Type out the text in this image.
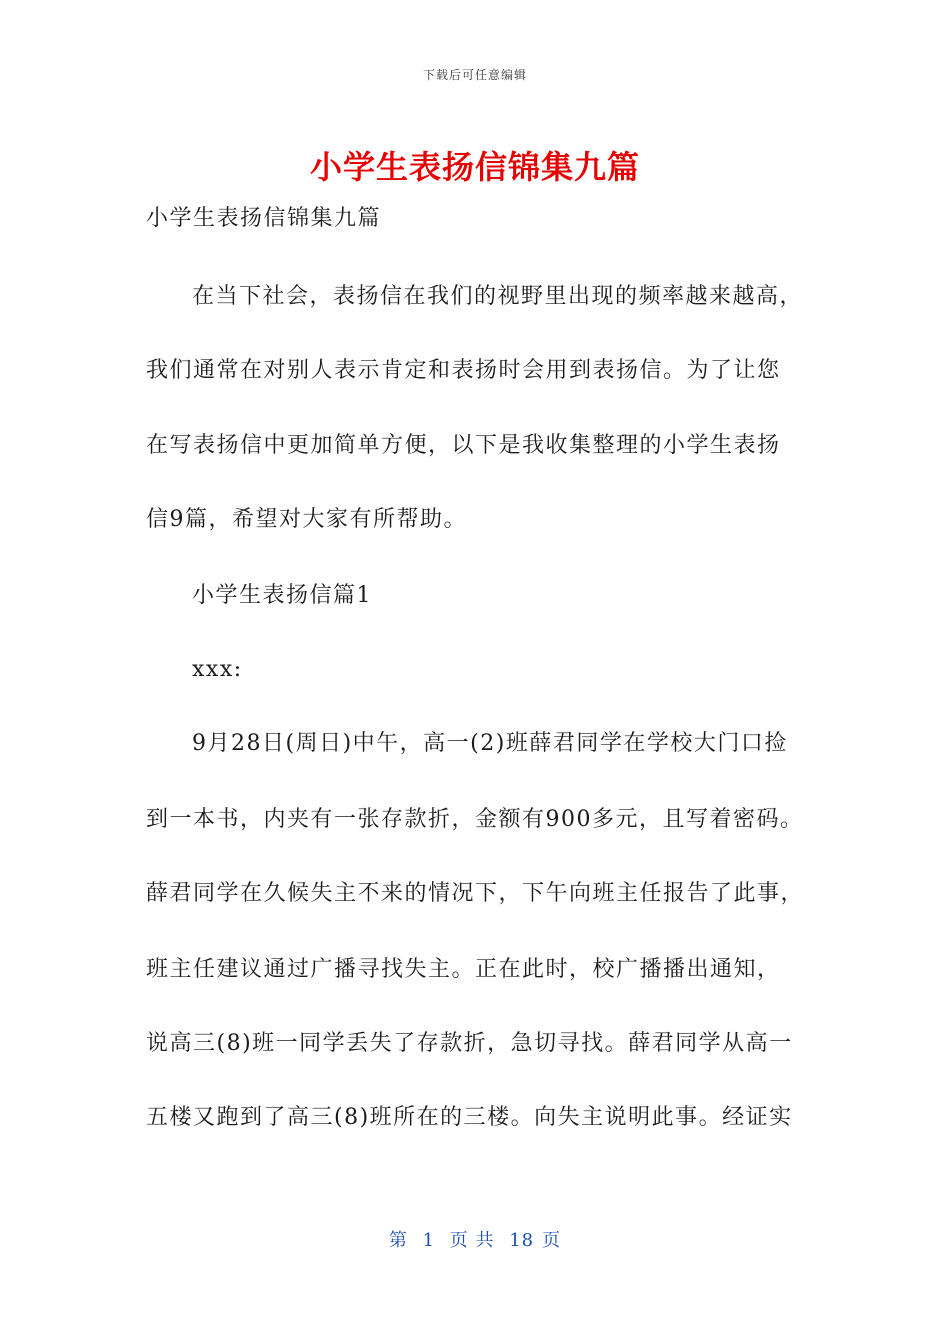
下载后可任意编辑
小学生表扬信锦集九篇

小学生表扬信锦集九篇

在当下社会，表扬信在我们的视野里出现的频率越来越高，

我们通常在对别人表示肯定和表扬时会用到表扬信。为了让您

在写表扬信中更加简单方便，以下是我收集整理的小学生表扬

信9篇，希望对大家有所帮助。

小学生表扬信篇1

xxx:

9月28日(周日)中午，高一(2)班薛君同学在学校大门口捡

到一本书，内夹有一张存款折，金额有900多元，且写着密码。

薛君同学在久候失主不来的情况下，下午向班主任报告了此事，

班主任建议通过广播寻找失主。正在此时，校广播播出通知，

说高三(8)班一同学丢失了存款折，急切寻找。薛君同学从高一

五楼又跑到了高三(8)班所在的三楼。向失主说明此事。经证实

第 1 页 共 18 页
